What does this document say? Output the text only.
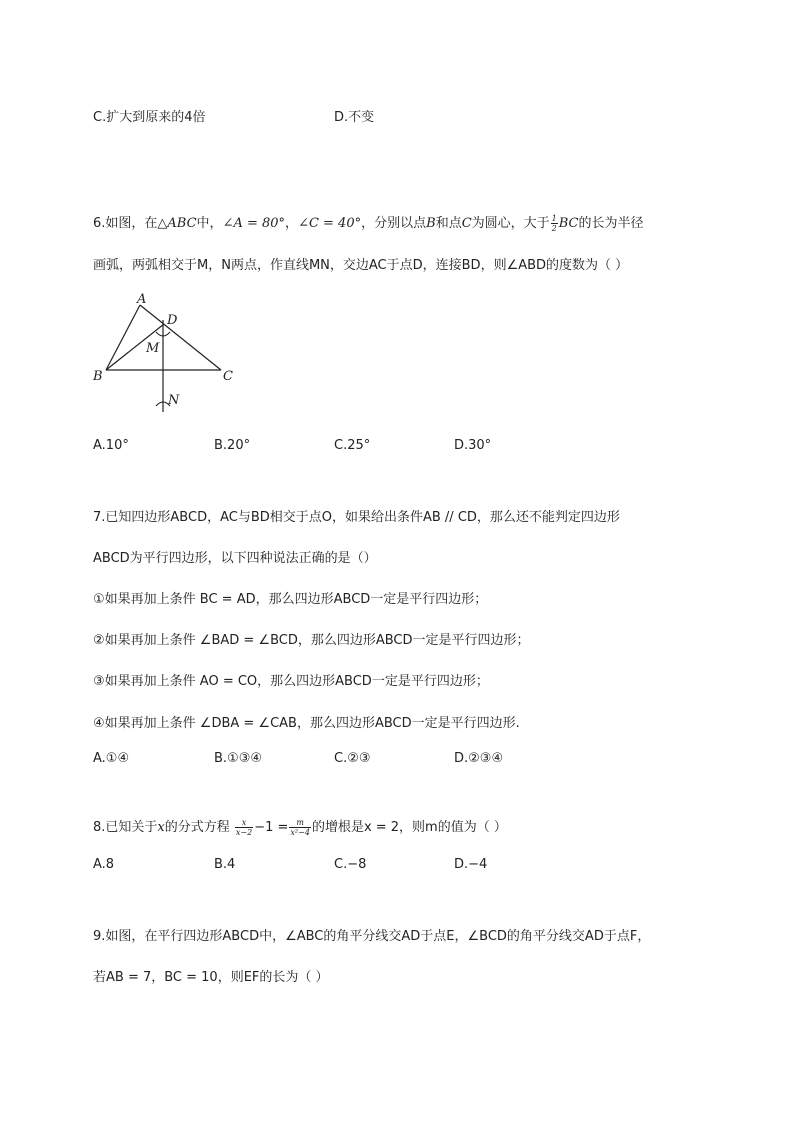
C.扩大到原来的4倍	D.不变
6.如图，在△ABC中，∠A = 80°，∠C = 40°，分别以点B和点C为圆心，大于 $\frac{1}{2}$ BC的长为半径
画弧，两弧相交于M，N两点，作直线MN，交边AC于点D，连接BD，则∠ABD的度数为（ ）
A
D
M
B	C
N
A.10°	B.20°	C.25°	D.30°
7.已知四边形ABCD，AC与BD相交于点O，如果给出条件AB // CD，那么还不能判定四边形
ABCD为平行四边形，以下四种说法正确的是（）
①如果再加上条件 BC = AD，那么四边形ABCD一定是平行四边形；
②如果再加上条件 ∠BAD = ∠BCD，那么四边形ABCD一定是平行四边形；
③如果再加上条件 AO = CO，那么四边形ABCD一定是平行四边形；
④如果再加上条件 ∠DBA = ∠CAB，那么四边形ABCD一定是平行四边形.
A.①④	B.①③④	C.②③	D.②③④
8.已知关于x的分式方程 $\frac{x}{x-2} -1 = \frac{m}{\text{x²−4}}$ 的增根是x = 2，则m的值为（ ）
A.8	B.4	C.−8	D.−4
9.如图，在平行四边形ABCD中，∠ABC的角平分线交AD于点E，∠BCD的角平分线交AD于点F，
若AB = 7，BC = 10，则EF的长为（ ）
